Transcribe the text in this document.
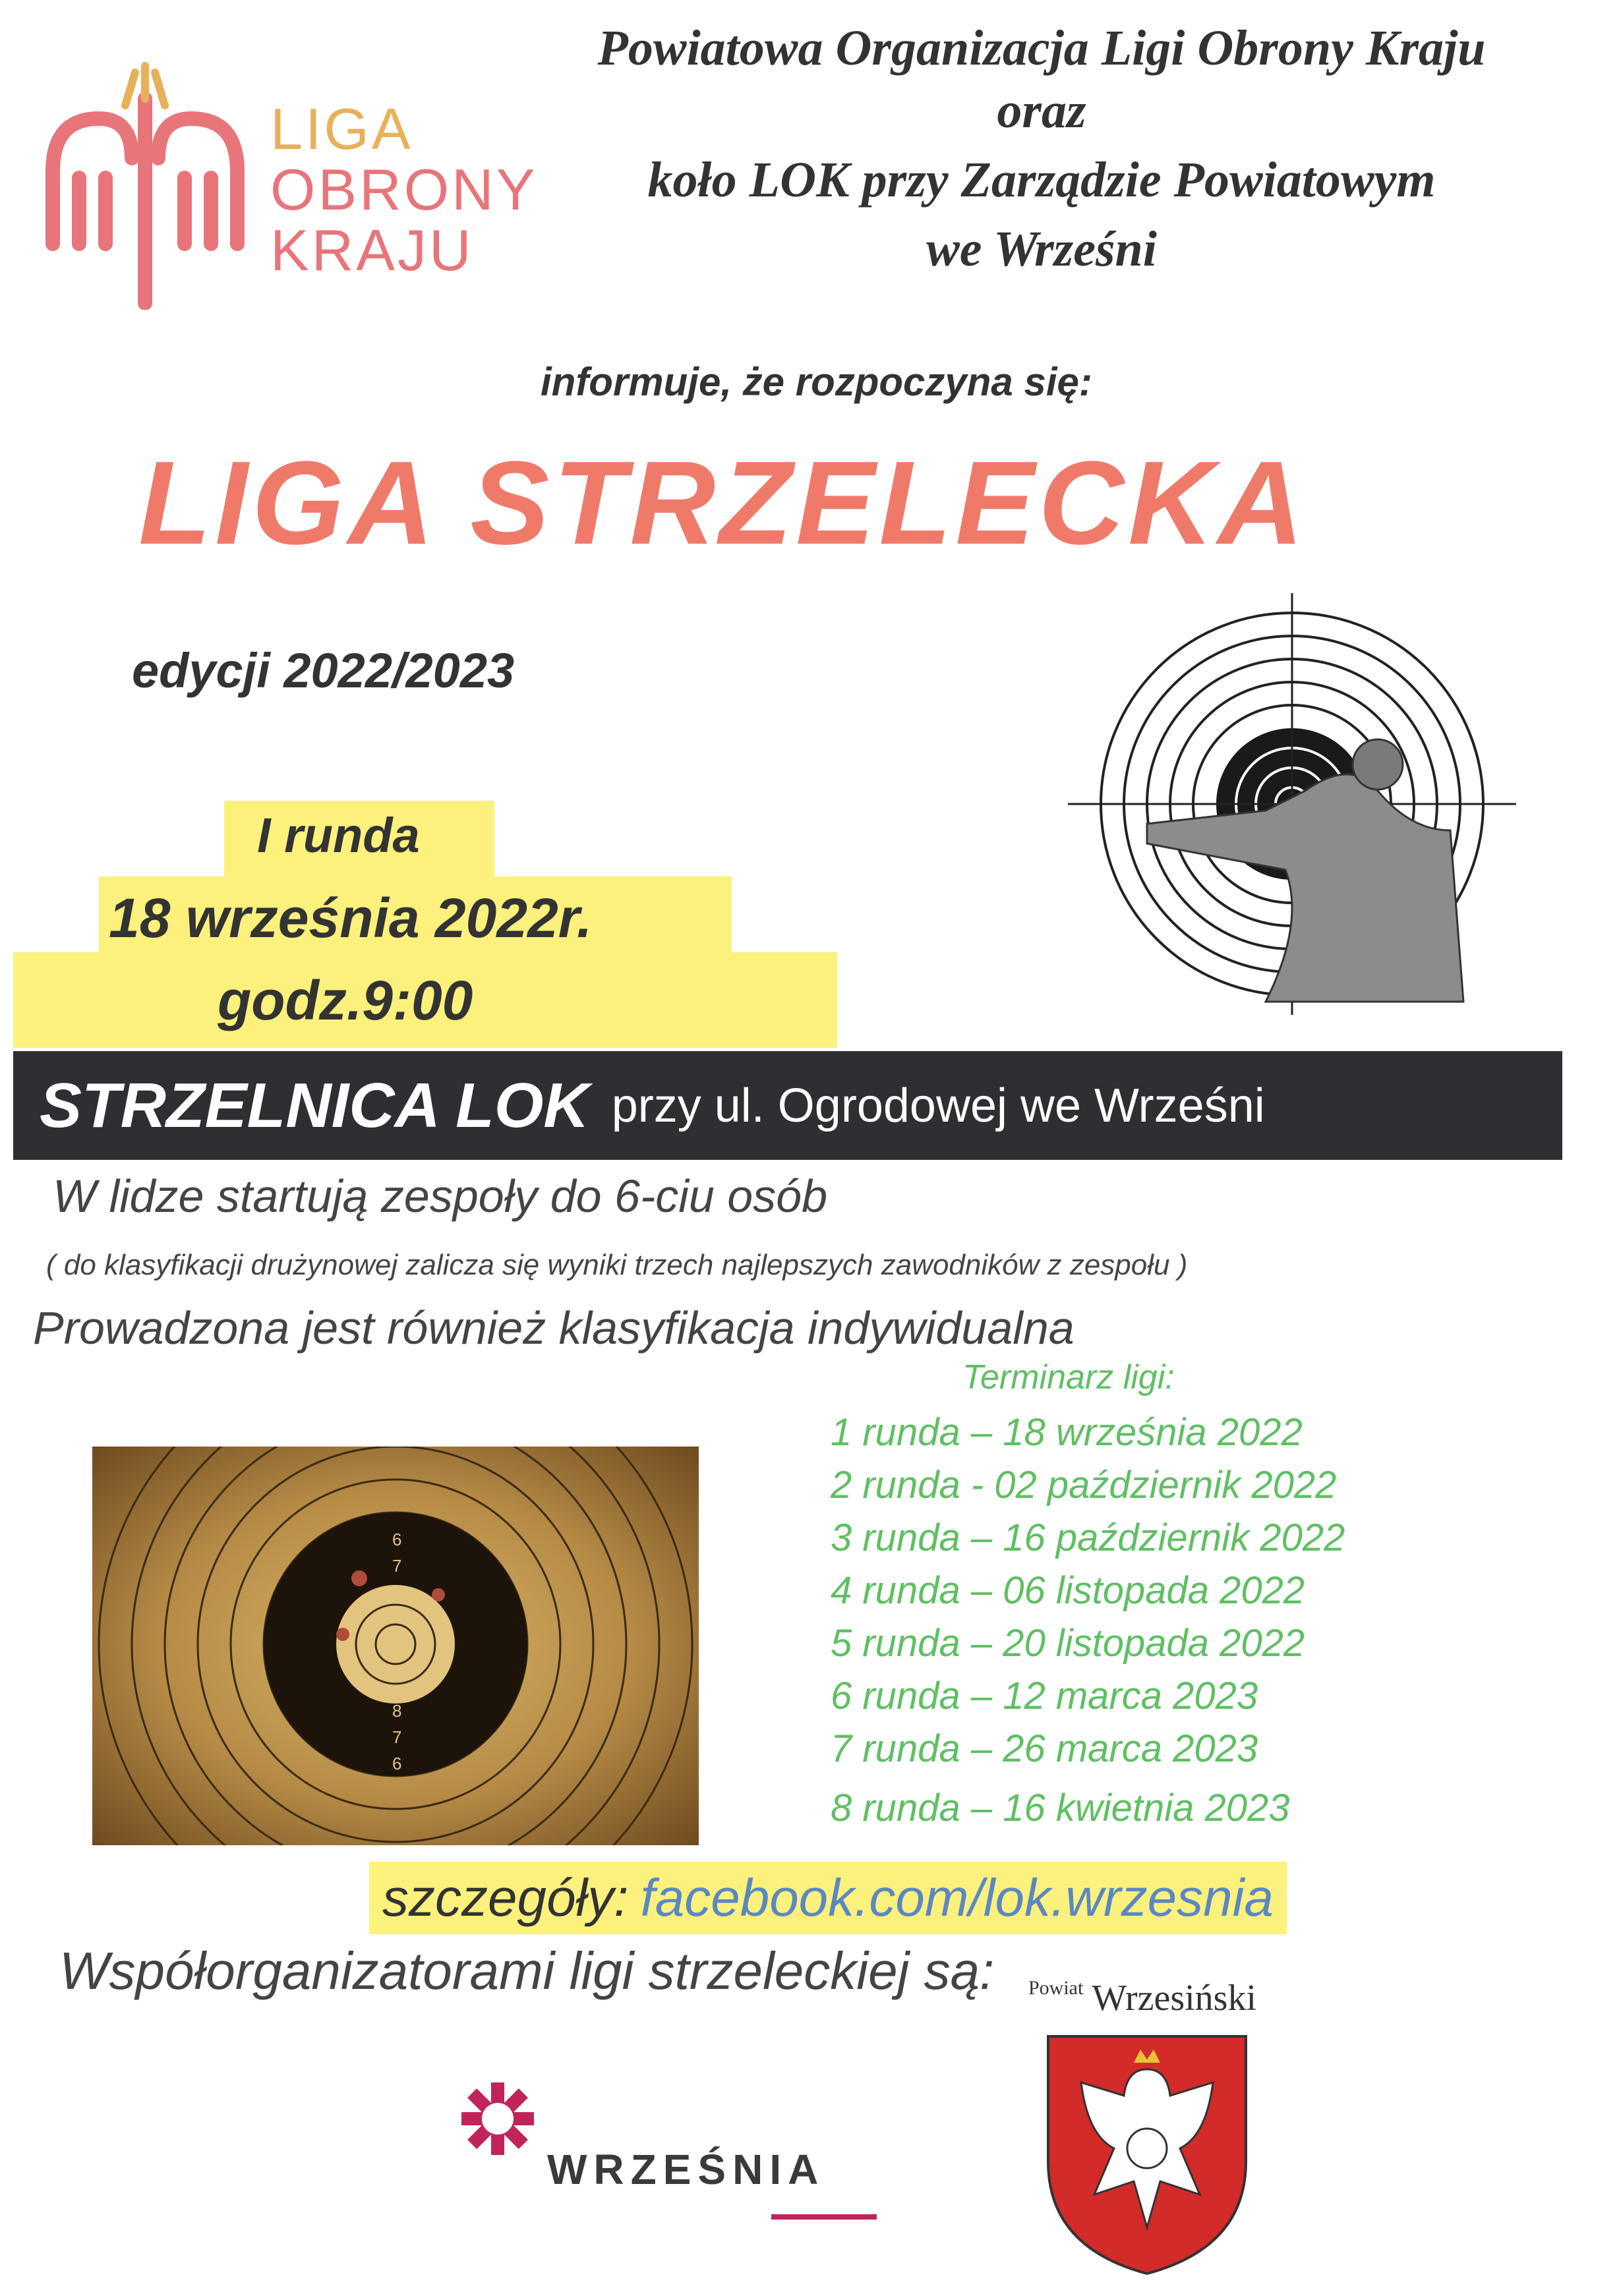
LIGA
OBRONY
KRAJU
Powiatowa Organizacja Ligi Obrony Kraju
oraz
koło LOK przy Zarządzie Powiatowym
we Wrześni
informuje, że rozpoczyna się:
LIGA STRZELECKA
edycji 2022/2023
I runda
18 września 2022r.
godz.9:00
STRZELNICA LOK przy ul. Ogrodowej we Wrześni
W lidze startują zespoły do 6-ciu osób
( do klasyfikacji drużynowej zalicza się wyniki trzech najlepszych zawodników z zespołu )
Prowadzona jest również klasyfikacja indywidualna
6
7
8
8
7
6
Terminarz ligi:
1 runda – 18 września 2022
2 runda - 02 październik 2022
3 runda – 16 październik 2022
4 runda – 06 listopada 2022
5 runda – 20 listopada 2022
6 runda – 12 marca 2023
7 runda – 26 marca 2023
8 runda – 16 kwietnia 2023
szczegóły: facebook.com/lok.wrzesnia
Współorganizatorami ligi strzeleckiej są:
WRZEŚNIA
$^{Powiat}$ Wrzesiński
